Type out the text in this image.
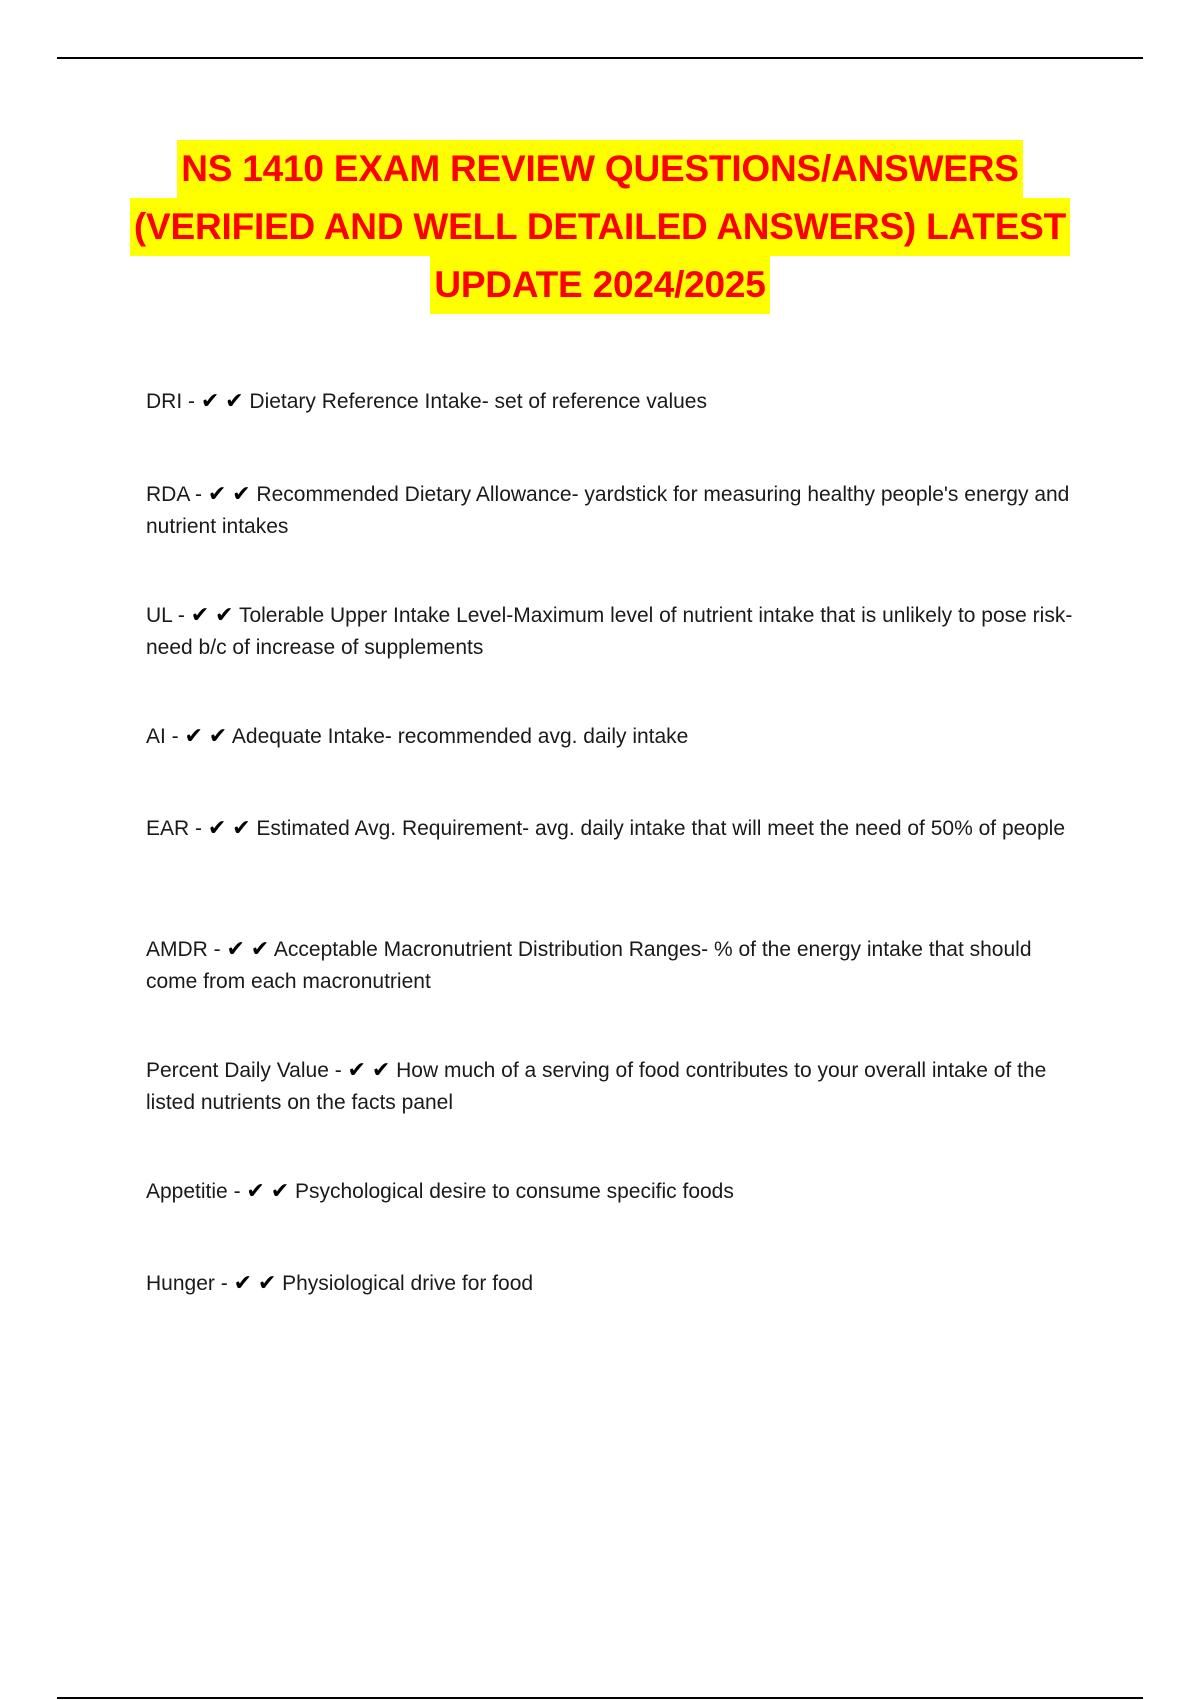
NS 1410 EXAM REVIEW QUESTIONS/ANSWERS
(VERIFIED AND WELL DETAILED ANSWERS) LATEST
UPDATE 2024/2025
DRI - ✔ ✔ Dietary Reference Intake- set of reference values
RDA - ✔ ✔ Recommended Dietary Allowance- yardstick for measuring healthy people's energy and nutrient intakes
UL - ✔ ✔ Tolerable Upper Intake Level-Maximum level of nutrient intake that is unlikely to pose risk- need b/c of increase of supplements
AI - ✔ ✔ Adequate Intake- recommended avg. daily intake
EAR - ✔ ✔ Estimated Avg. Requirement- avg. daily intake that will meet the need of 50% of people
AMDR - ✔ ✔ Acceptable Macronutrient Distribution Ranges- % of the energy intake that should come from each macronutrient
Percent Daily Value - ✔ ✔ How much of a serving of food contributes to your overall intake of the listed nutrients on the facts panel
Appetitie - ✔ ✔ Psychological desire to consume specific foods
Hunger - ✔ ✔ Physiological drive for food
